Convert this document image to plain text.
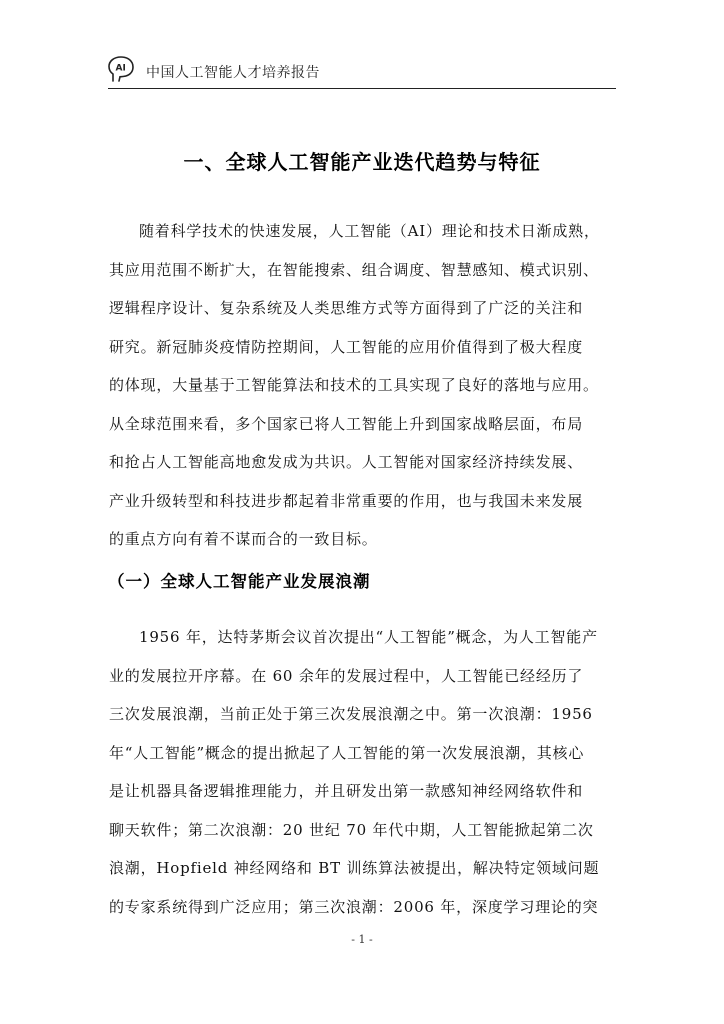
AI 中国人工智能人才培养报告
一、全球人工智能产业迭代趋势与特征
随着科学技术的快速发展，人工智能（AI）理论和技术日渐成熟，
其应用范围不断扩大，在智能搜索、组合调度、智慧感知、模式识别、
逻辑程序设计、复杂系统及人类思维方式等方面得到了广泛的关注和
研究。新冠肺炎疫情防控期间，人工智能的应用价值得到了极大程度
的体现，大量基于工智能算法和技术的工具实现了良好的落地与应用。
从全球范围来看，多个国家已将人工智能上升到国家战略层面，布局
和抢占人工智能高地愈发成为共识。人工智能对国家经济持续发展、
产业升级转型和科技进步都起着非常重要的作用，也与我国未来发展
的重点方向有着不谋而合的一致目标。
（一）全球人工智能产业发展浪潮
1956 年，达特茅斯会议首次提出“人工智能”概念，为人工智能产
业的发展拉开序幕。在 60 余年的发展过程中，人工智能已经经历了
三次发展浪潮，当前正处于第三次发展浪潮之中。第一次浪潮：1956
年“人工智能”概念的提出掀起了人工智能的第一次发展浪潮，其核心
是让机器具备逻辑推理能力，并且研发出第一款感知神经网络软件和
聊天软件；第二次浪潮：20 世纪 70 年代中期，人工智能掀起第二次
浪潮，Hopfield 神经网络和 BT 训练算法被提出，解决特定领域问题
的专家系统得到广泛应用；第三次浪潮：2006 年，深度学习理论的突
- 1 -
